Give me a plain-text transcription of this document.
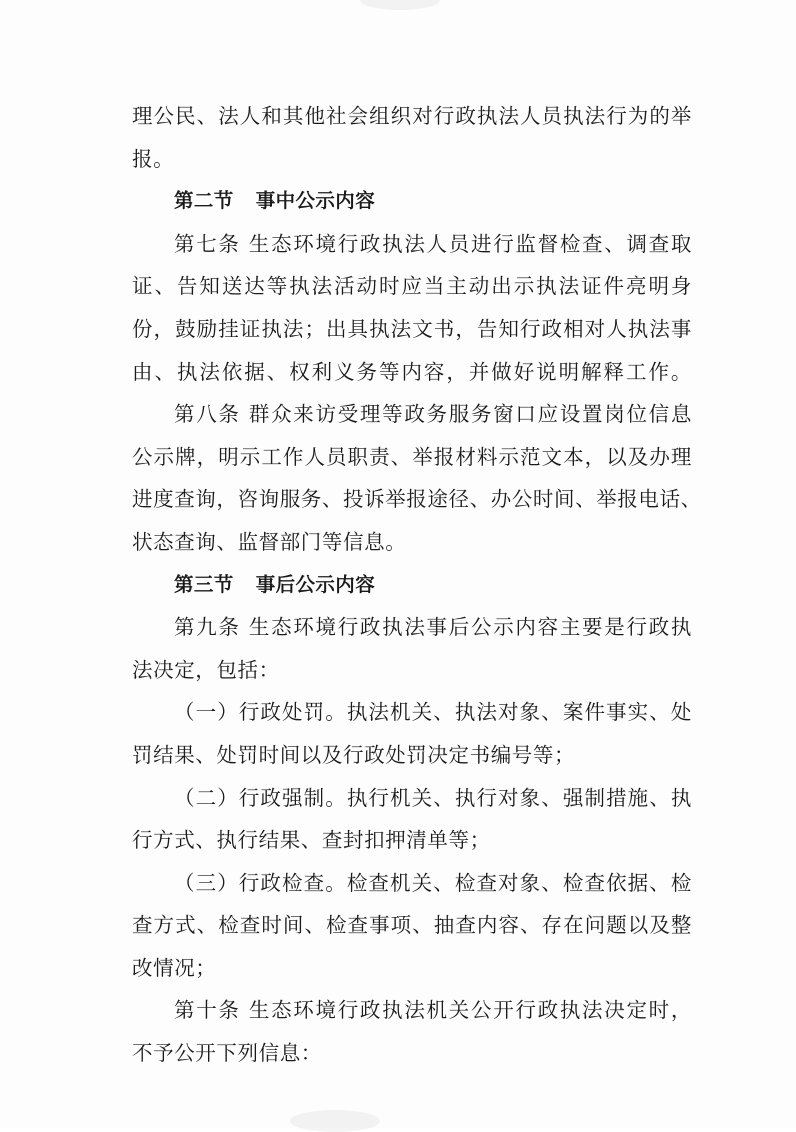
理公民、法人和其他社会组织对行政执法人员执法行为的举
报。
第二节 事中公示内容
第七条 生态环境行政执法人员进行监督检查、调查取
证、告知送达等执法活动时应当主动出示执法证件亮明身
份，鼓励挂证执法；出具执法文书，告知行政相对人执法事
由、执法依据、权利义务等内容，并做好说明解释工作。
第八条 群众来访受理等政务服务窗口应设置岗位信息
公示牌，明示工作人员职责、举报材料示范文本，以及办理
进度查询，咨询服务、投诉举报途径、办公时间、举报电话、
状态查询、监督部门等信息。
第三节 事后公示内容
第九条 生态环境行政执法事后公示内容主要是行政执
法决定，包括：
（一）行政处罚。执法机关、执法对象、案件事实、处
罚结果、处罚时间以及行政处罚决定书编号等；
（二）行政强制。执行机关、执行对象、强制措施、执
行方式、执行结果、查封扣押清单等；
（三）行政检查。检查机关、检查对象、检查依据、检
查方式、检查时间、检查事项、抽查内容、存在问题以及整
改情况；
第十条 生态环境行政执法机关公开行政执法决定时，
不予公开下列信息：
